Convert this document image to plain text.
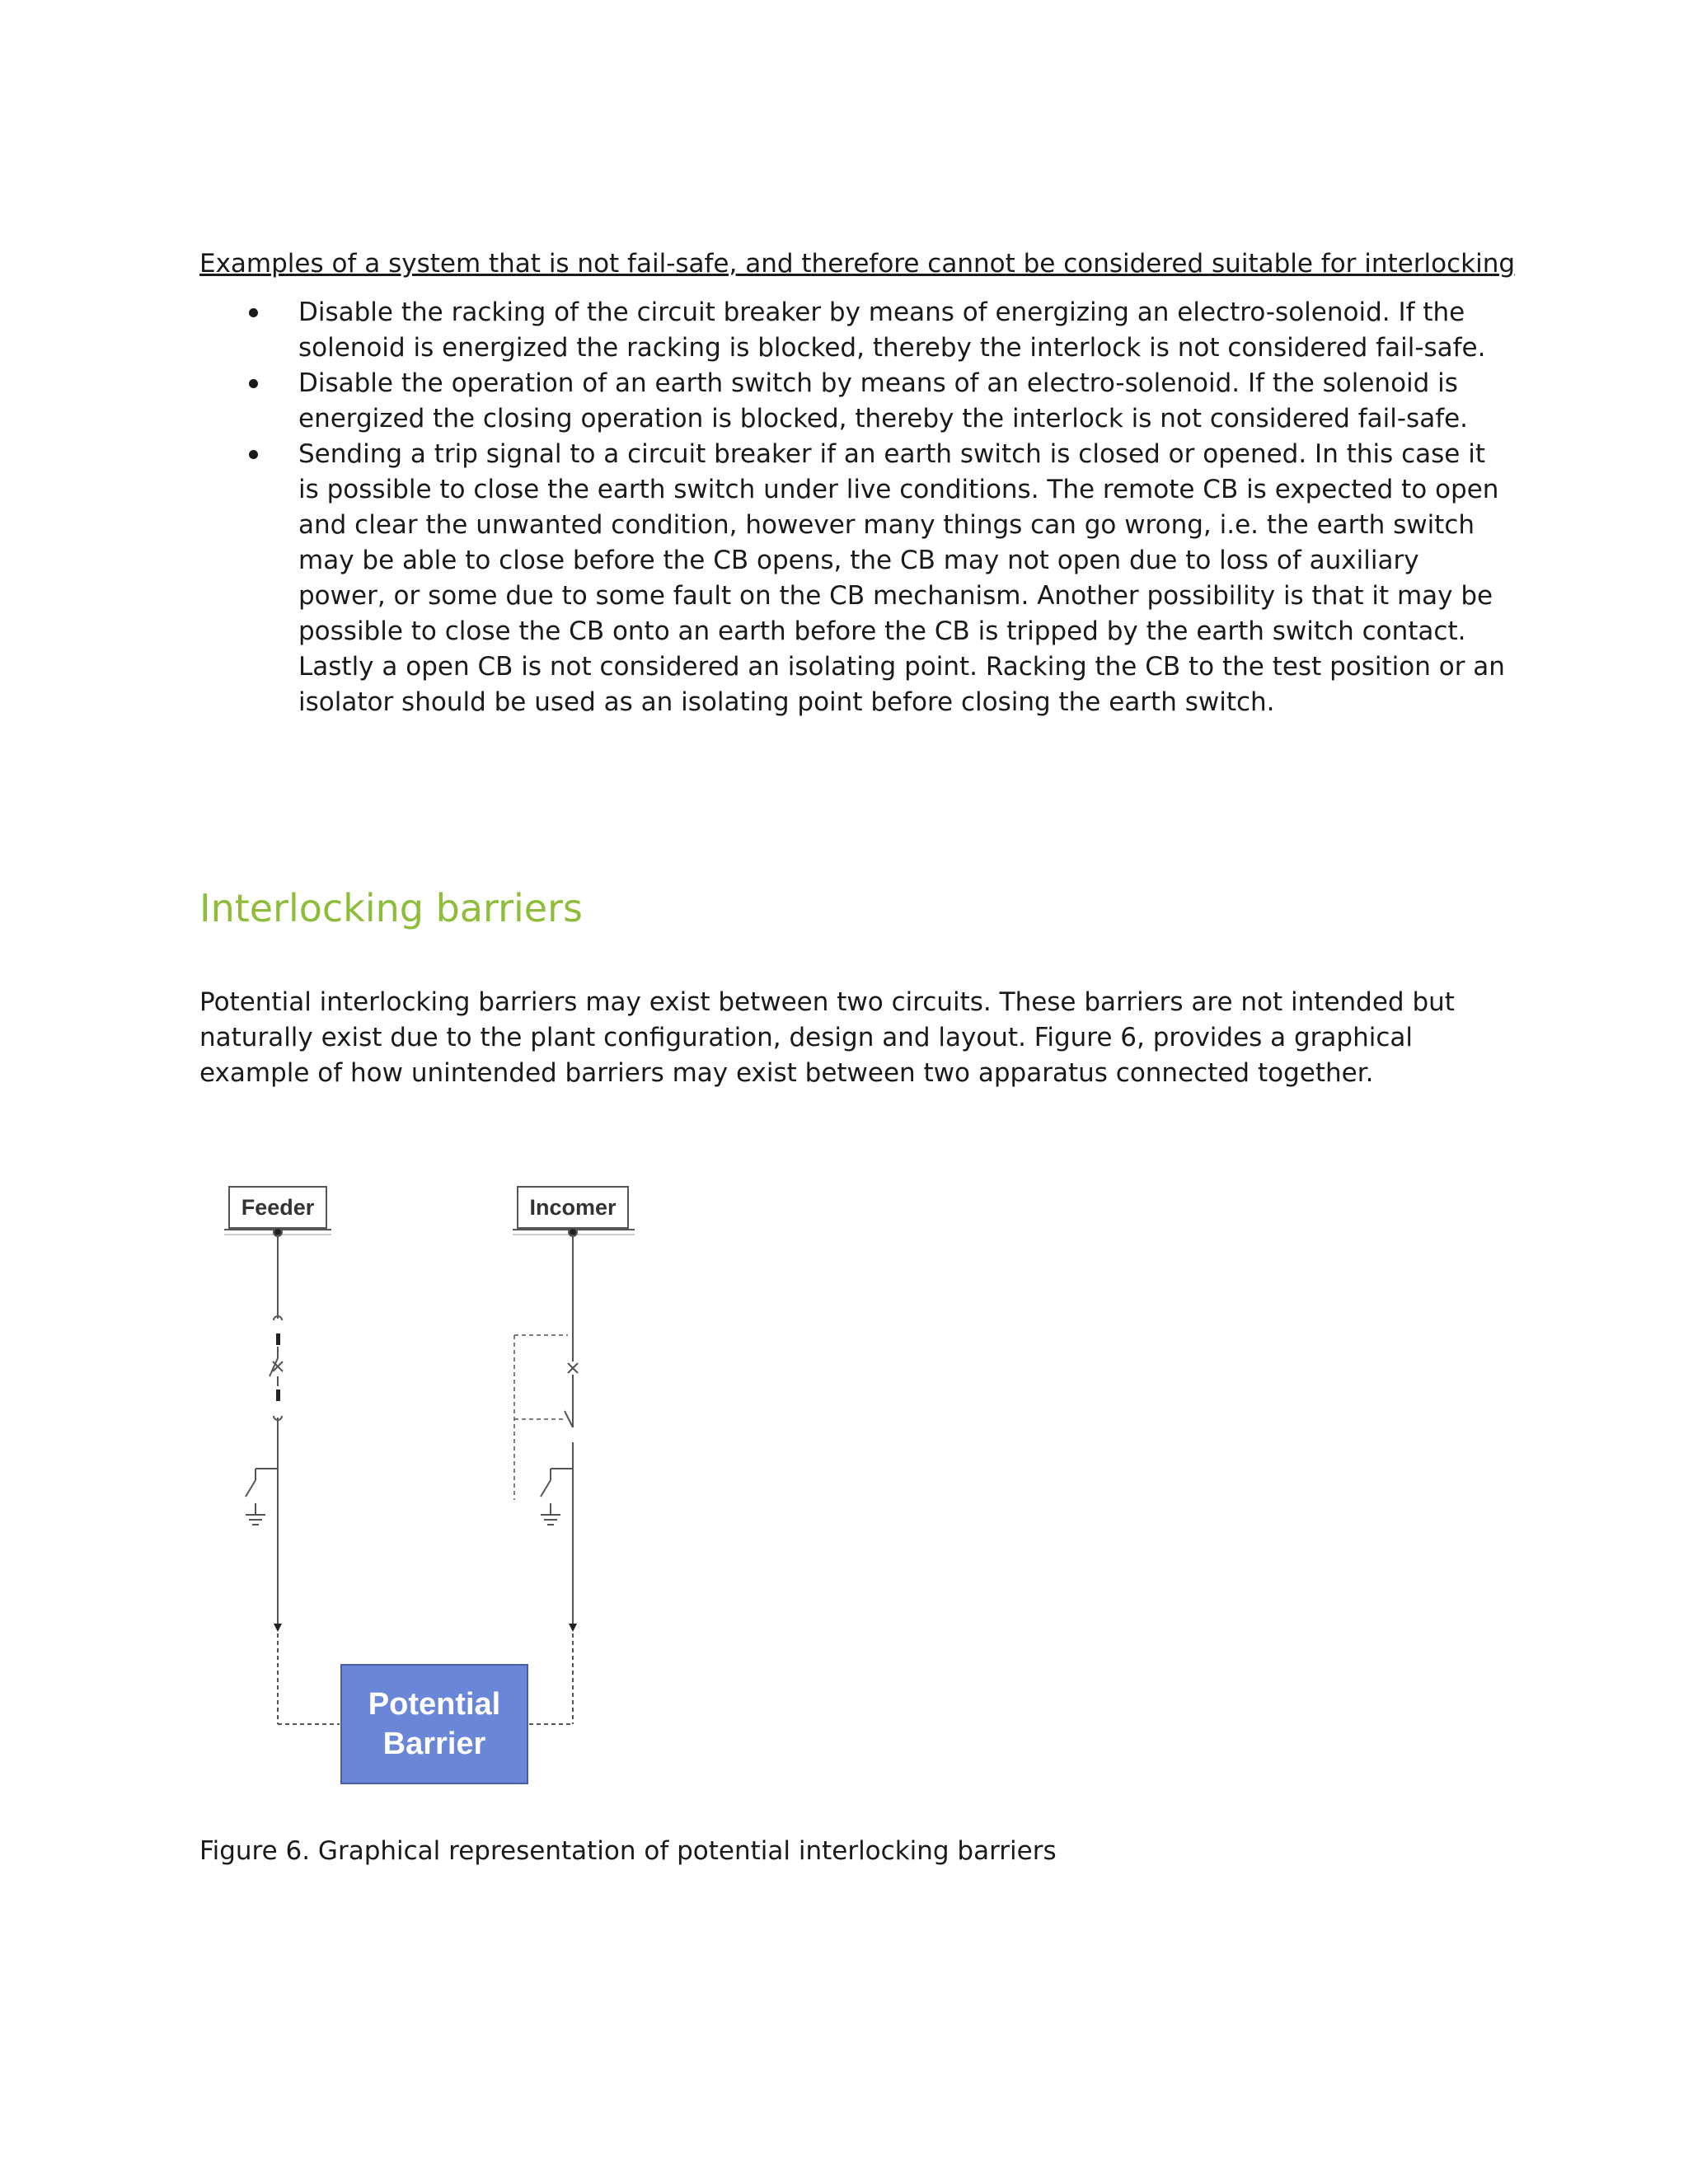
Examples of a system that is not fail-safe, and therefore cannot be considered suitable for interlocking
Disable the racking of the circuit breaker by means of energizing an electro-solenoid. If the solenoid is energized the racking is blocked, thereby the interlock is not considered fail-safe.
Disable the operation of an earth switch by means of an electro-solenoid. If the solenoid is energized the closing operation is blocked, thereby the interlock is not considered fail-safe.
Sending a trip signal to a circuit breaker if an earth switch is closed or opened. In this case it is possible to close the earth switch under live conditions. The remote CB is expected to open and clear the unwanted condition, however many things can go wrong, i.e. the earth switch may be able to close before the CB opens, the CB may not open due to loss of auxiliary power, or some due to some fault on the CB mechanism. Another possibility is that it may be possible to close the CB onto an earth before the CB is tripped by the earth switch contact. Lastly a open CB is not considered an isolating point. Racking the CB to the test position or an isolator should be used as an isolating point before closing the earth switch.
Interlocking barriers

Potential interlocking barriers may exist between two circuits. These barriers are not intended but naturally exist due to the plant configuration, design and layout. Figure 6, provides a graphical example of how unintended barriers may exist between two apparatus connected together.

Feeder	Incomer
Potential
Barrier

Figure 6. Graphical representation of potential interlocking barriers
